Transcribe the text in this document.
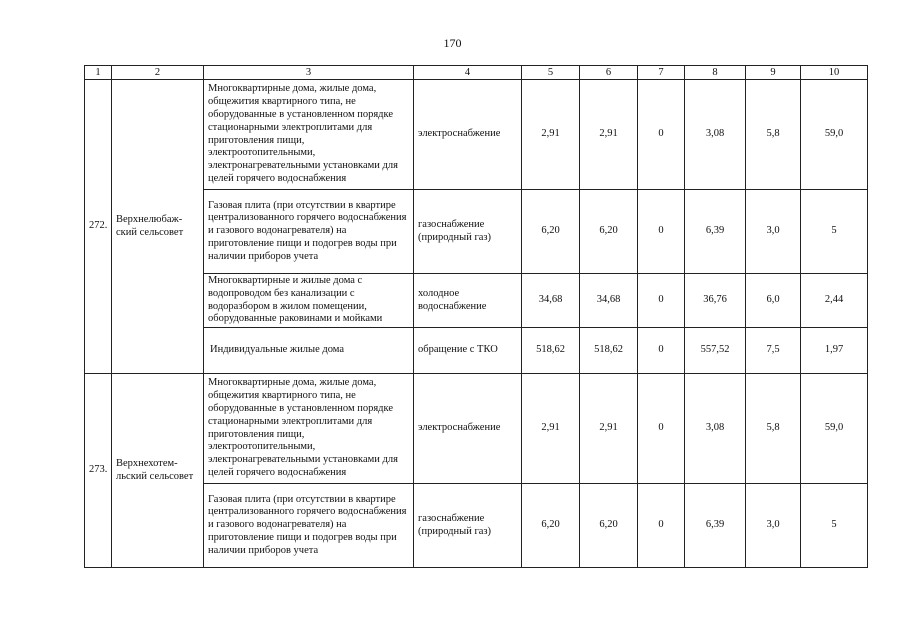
170
1	2	3	4	5	6	7	8	9	10
272.	Верхнелюбаж-ский сельсовет	Многоквартирные дома, жилые дома, общежития квартирного типа, не оборудованные в установленном порядке стационарными электроплитами для приготовления пищи, электроотопительными, электронагревательными установками для целей горячего водоснабжения	электроснабжение	2,91	2,91	0	3,08	5,8	59,0
		Газовая плита (при отсутствии в квартире централизованного горячего водоснабжения и газового водонагревателя) на приготовление пищи и подогрев воды при наличии приборов учета	газоснабжение (природный газ)	6,20	6,20	0	6,39	3,0	5
		Многоквартирные и жилые дома с водопроводом без канализации с водоразбором в жилом помещении, оборудованные раковинами и мойками	холодное водоснабжение	34,68	34,68	0	36,76	6,0	2,44
		Индивидуальные жилые дома	обращение с ТКО	518,62	518,62	0	557,52	7,5	1,97
273.	Верхнехотем-льский сельсовет	Многоквартирные дома, жилые дома, общежития квартирного типа, не оборудованные в установленном порядке стационарными электроплитами для приготовления пищи, электроотопительными, электронагревательными установками для целей горячего водоснабжения	электроснабжение	2,91	2,91	0	3,08	5,8	59,0
		Газовая плита (при отсутствии в квартире централизованного горячего водоснабжения и газового водонагревателя) на приготовление пищи и подогрев воды при наличии приборов учета	газоснабжение (природный газ)	6,20	6,20	0	6,39	3,0	5
